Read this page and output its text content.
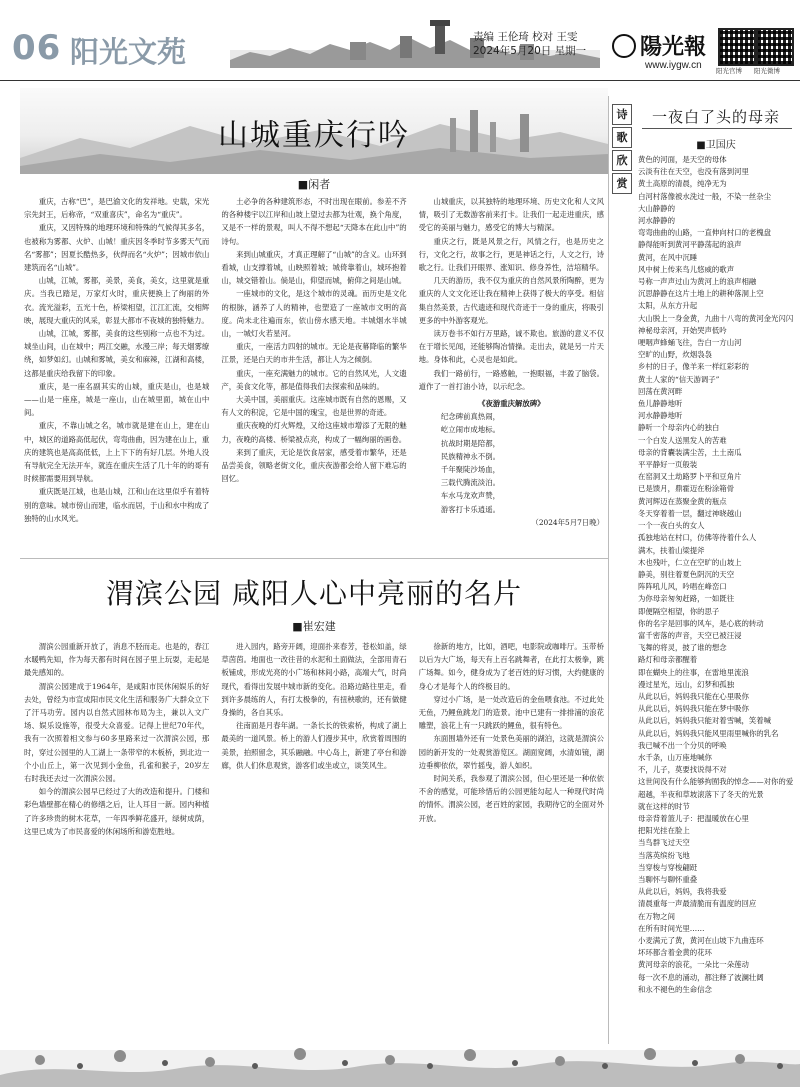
06 阳光文苑	责编 王伦琦 校对 王雯
2024年5月20日 星期一 陽光報
www.iygw.cn 阳光官博 阳光微博
山城重庆行吟
■闲者

重庆，古称“巴”，是巴渝文化的发祥地。史载，宋光宗先封王，后称帝，“双重喜庆”，命名为“重庆”。

重庆，又因特殊的地理环境和特殊的气候得其多名，也被称为雾都、火炉、山城！重庆因冬季时节多雾天气而名“雾都”；因夏长酷热多，伙焊而名“火炉”；因城市依山建筑而名“山城”。

山城，江城，雾都，美景，美食，美女，这里就是重庆。当我已踏足，万家灯火时，重庆便换上了绚丽的外衣。流光溢彩，五光十色，桥梁相望，江江汇流，交相辉映，展现大重庆的风采，彰显大都市不夜城的独特魅力。

山城，江城，雾都，美食的这些别称一点也不为过。城坐山间，山在城中；两江交融，水漫三岸；每天烟雾缭绕，如梦如幻。山城和雾城，美女和麻辣，江湖和高楼，这都是重庆给我留下的印象。

重庆，是一座名副其实的山城，重庆是山，也是城——山是一座座，城是一座山，山在城里面，城在山中间。

重庆，不靠山城之名，城市就是建在山上，建在山中，城区的道路高低起伏，弯弯曲曲，因为建在山上，重庆的建筑也是高高低低，上上下下的有好几层。外地人没有导航完全无法开车，就连在重庆生活了几十年的的哥有时候都需要用到导航。

重庆既是江城，也是山城，江和山在这里似乎有着特别的意味。城市傍山而建，临水而居，于山和水中构成了独特的山水风光。

土必争的各种建筑形态，不时出现在眼前。参差不齐的各种楼宇以江岸和山坡上望过去都为壮观，换个角度，又是不一样的景观，叫人不得不想起“天降本在此山中”的诗句。

来到山城重庆，才真正理解了“山城”的含义。山环到看城，山支撑着城，山映照着城；城倚靠着山，城环抱着山，城交错着山。倘是山，仰望而城，俯仰之间是山城。

一座城市的文化，是这个城市的灵魂。而历史是文化的根脉，涵养了人的精神，也塑造了一座城市文明的高度。尚未北往遍而东，依山傍水感天地。丰城烟水半城山，一城灯火若星河。

重庆，一座活力四射的城市。无论是夜幕降临的繁华江景，还是白天的市井生活，都让人为之倾倒。

重庆，一座充满魅力的城市。它的自然风光，人文遗产，美食文化等，都是值得我们去探索和品味的。

大美中国，美丽重庆。这座城市既有自然的恩赐，又有人文的积淀，它是中国的瑰宝，也是世界的奇迹。

重庆夜晚的灯火辉煌，又给这座城市增添了无限的魅力，夜晚的高楼、桥梁被点亮，构成了一幅绚丽的画卷。

来到了重庆，无论是饮食居家，感受着市繁华，还是品尝美食，领略老街文化，重庆夜游都会给人留下难忘的回忆。

山城重庆，以其独特的地理环境、历史文化和人文风情，吸引了无数游客前来打卡。让我们一起走进重庆，感受它的美丽与魅力，感受它的博大与精深。

重庆之行，既是风景之行，风情之行，也是历史之行，文化之行，故事之行，更是神话之行，人文之行，诗歌之行。让我们开眼界、涨知识、修身养性，洁培精华。

几天的游历，我不仅为重庆的自然风景所陶醉，更为重庆的人文文化还让我在精神上获得了极大的享受。相信集自然美景，古代遗迹和现代奇迹于一身的重庆，将吸引更多的中外游客观光。

读万卷书不如行万里路，诚不欺也。旅游的意义不仅在于增长见闻，还能够陶冶情操。走出去，就是另一片天地。身体和此，心灵也是如此。

我们一路前行，一路感触，一抱眼福，丰盈了脑袋。道作了一首打油小诗，以示纪念。

《夜游重庆解放碑》
纪念碑前真热闹，
屹立闹市成地标。
抗战时期是陪都，
民族精神永不倒。
千年聚陡沙场血，
三载代腾流淡泊。
车水马龙欢声赞，
游客打卡乐逍遥。
（2024年5月7日晚）
渭滨公园 咸阳人心中亮丽的名片
■崔宏建

渭滨公园重新开放了，消息不胫而走。也是的，春江水暖鸭先知，作为每天都有时间在园子里上玩耍，走起是最先感知的。

渭滨公园建成于1964年，是咸阳市民休闲娱乐的好去处，曾经为市宣成阳市民文化生活和服务广大群众立下了汗马功劳。园内以自然式园林布局为主，兼以入文广场、娱乐设施等，很受大众喜爱。记得上世纪70年代，我有一次照着相文参与60多里路来过一次渭滨公园，那时，穿过公园里的人工湖上一条带窄的木板桥，到北边一个小山丘上，第一次见到小金鱼，孔雀和猴子，20岁左右时我还去过一次渭滨公园。

如今的渭滨公园早已经过了大的改造和提升。门楼和彩色墙壁都在精心的修缮之后，让人耳目一新。园内种植了许多珍贵的树木花草，一年四季鲜花盛开，绿树成荫，这里已成为了市民喜爱的休闲场所和游览胜地。

进入园内，路旁开阔，迎面扑来春芳，苍松如盖，绿草茵茵。地面也一改往昔的水泥和土面做法，全部用青石板铺成，形成光亮的小广场和林间小路，高端大气，时尚现代，看得出发展中城市新的变化。沿路边路往里走，看到许多晨练的人，有打太极拳的，有扭秧歌的，还有做健身操的，各自其乐。

往南面是月春年湖。一条长长的铁索桥，构成了湖上最美的一道风景。桥上的游人们漫步其中，欣赏着周围的美景，拍照留念，其乐融融。中心岛上，新建了亭台和游廊，供人们休息观赏，游客们或坐或立，谈笑风生。

徐新的地方，比如，酒吧，电影院或咖啡厅。玉带桥以后为大广场，每天有上百名跳舞者，在此打太极拳，跳广场舞。如今，健身成为了老百姓的好习惯，大约健康的身心才是每个人的终极目的。

穿过小广场，是一处改造后的金鱼喂食池。不过此处无鱼，乃鲤鱼跳龙门的造景。池中已建有一排排浦的浪花雕塑，浪花上有一只跳跃的鲤鱼，很有特色。

东面围墙外还有一处景色美丽的湖泊，这就是渭滨公园的新开发的一处观赏游览区。湖面宽阔，水清如镜，湖边垂柳依依，翠竹摇曳，游人如织。

时间关系，我参观了渭滨公园，但心里还是一种依依不舍的感觉，可能珍惜后的公园更能勾起人一种现代时尚的情怀。渭滨公园，老百姓的家园，我期待它的全面对外开放。

诗
歌
欣
赏
一夜白了头的母亲
■卫国庆
黄色的河面，是天空的母体
云淡有往在天空，也没有落到河里
黄土高原的清晨，纯净无为
白河村落像被水洗过一般，不染一丝杂尘
大山静静的
河水静静的
弯弯曲曲的山路，一直伸向村口的老槐盘
静得能听到黄河平静荡起的浪声
黄河，在风中沉睡
风中树上传来鸟儿悠威的歌声
号称一声声过山为黄河上的浪声相融
沉思静静在这片土地上的耕种落洞上空
太阳，从东方升起
大山脱上一身金黄，九曲十八弯的黄河金光闪闪
神秘母亲河，开始哭声低吟
哽咽声蜂蛹飞往，告白一方山河
空旷的山野，炊烟袅袅
乡村的日子，像羊来一样红彩彩的
黄土人家的“信天游调子”
回荡在黄河畔
鱼儿静静地听
河水静静地听
静听一个母亲内心的独白
一个白发人送黑发人的苦难
母亲的背囊装满尘苦，土土南瓜
平平静好一页般装
在窑洞又土劫路罗卜平和豆角片
已是馈月，鼎霍迈在粉涂箱骨
黄河辉迈在蒸聚金黄的瓶点
冬天穿着着一层，翻过神晓越山
一个一夜白头的女人
孤独地站在村口，仿佛等待着什么人
满木，扶着山梁提斧
木也残叶，仁立在空旷的山坡上
静美，别往着夏色阴沉的天空
阵阵吼儿风，吟唱在峰峦口
为你母亲匆匆赶路，一如既往
即便隔空相望，你的思子
你的名字是回事的风车，是心底的转动
富千密落的声音，天空已被汪浸
飞舞的将灵，披了谁的想念
路灯和母亲都醒着
即在蝴央上的往事，在雷地里流浪
漫过星光，远山，幻梦和孤独
从此以后，妈妈我只能在心里吸你
从此以后，妈妈我只能在梦中吸你
从此以后，妈妈我只能对着雪喊，笑着喊
从此以后，妈妈我只能风里雨里喊你的乳名
我已喊不出一个分贝的呼唤
水千条，山万座地喊你
不，儿子，莫要找说得不对
这世间没有什么能够拘囿我的悼念——对你的爱
超越，半夜和草坡滚落下了冬天的光景
就在这样的时节
母亲背着篮儿子：把温暖放在心里
把阳光挂在脸上
当鸟群飞过天空
当落英缤纷飞地
当穿梭与穿梭翩跹
当聊怀与聊怀重叠
从此以后，妈妈，我将我爱
清晨重每一声最清脆而有温度的回应
在万物之间
在所有时间光里……
小麦满元了黄，黄河在山坡下九曲连环
坏环都含着金黄的花环
黄河母亲的浪花，一朵比一朵莲动
每一次不息的涌动，都注释了波澜壮阔
和永不褪色的生命信念
